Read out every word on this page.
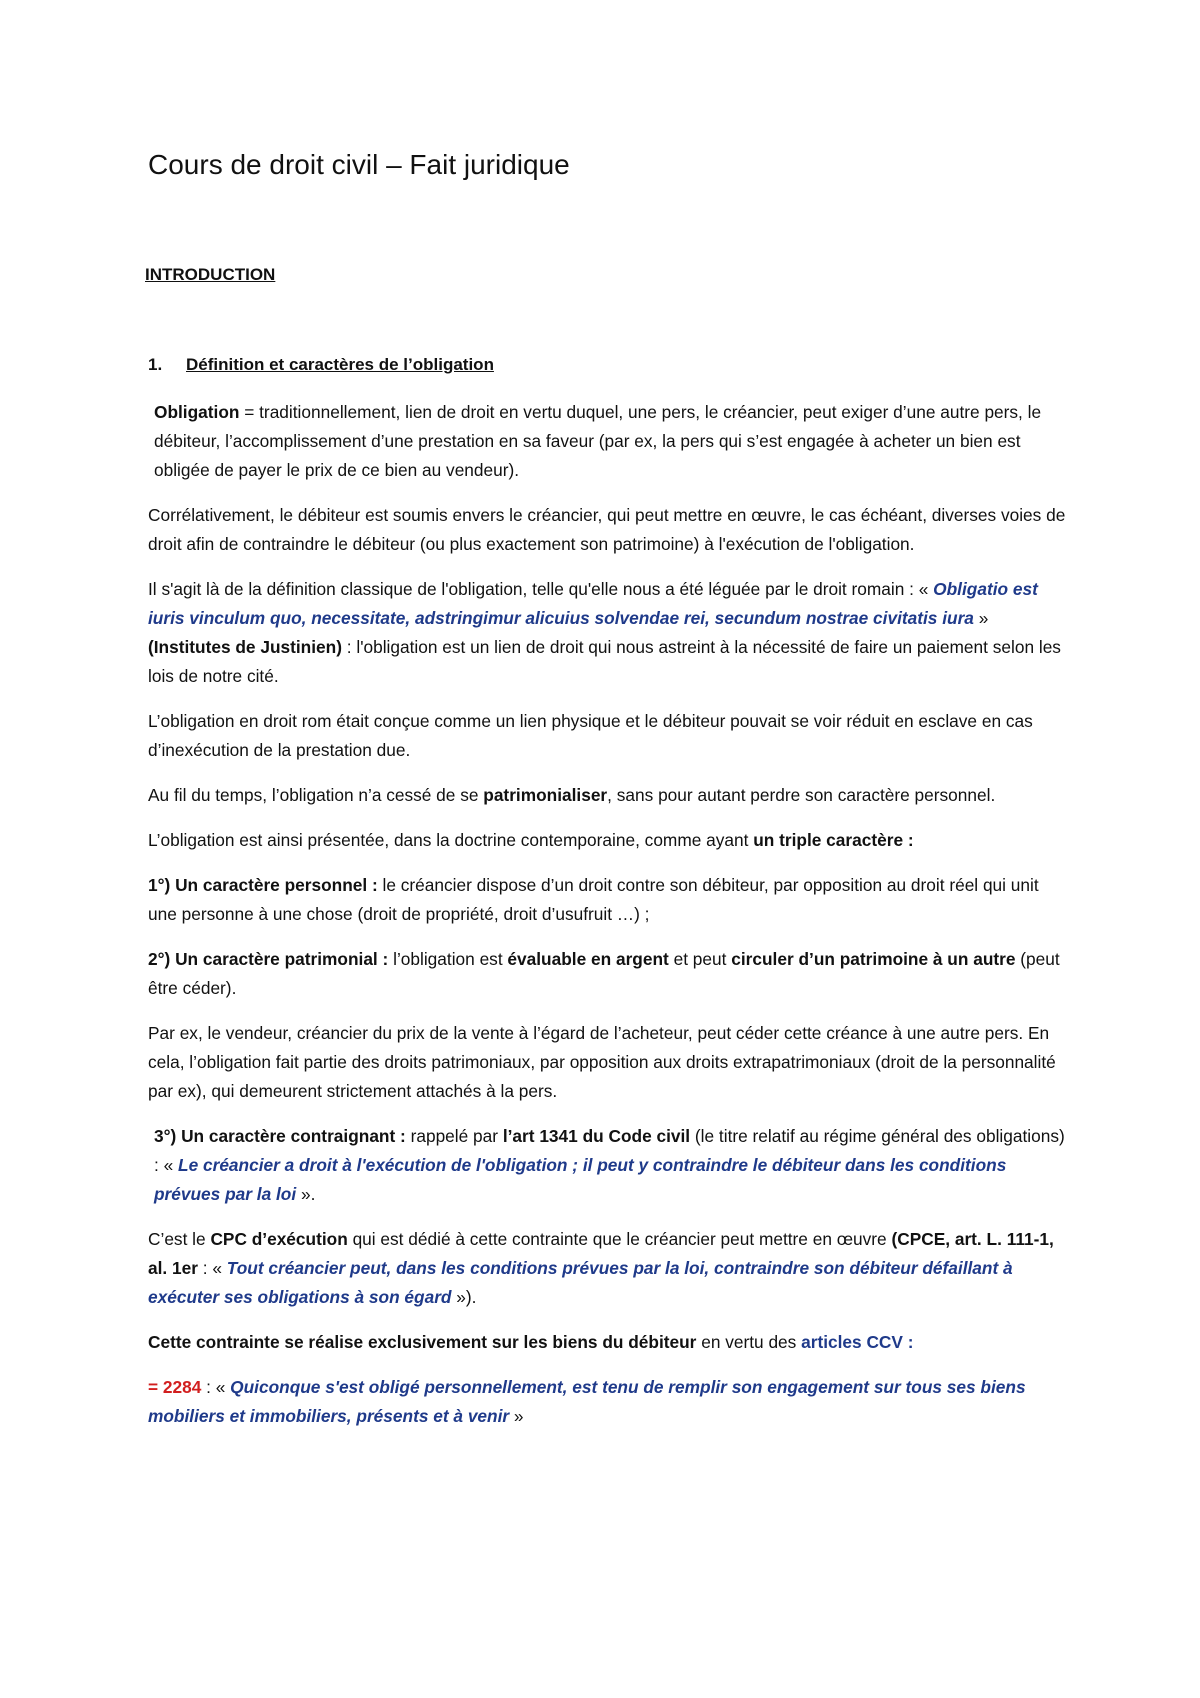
Cours de droit civil – Fait juridique
INTRODUCTION
1. Définition et caractères de l’obligation

Obligation = traditionnellement, lien de droit en vertu duquel, une pers, le créancier, peut exiger d’une autre pers, le débiteur, l’accomplissement d’une prestation en sa faveur (par ex, la pers qui s’est engagée à acheter un bien est obligée de payer le prix de ce bien au vendeur).

Corrélativement, le débiteur est soumis envers le créancier, qui peut mettre en œuvre, le cas échéant, diverses voies de droit afin de contraindre le débiteur (ou plus exactement son patrimoine) à l'exécution de l'obligation.

Il s'agit là de la définition classique de l'obligation, telle qu'elle nous a été léguée par le droit romain : « Obligatio est iuris vinculum quo, necessitate, adstringimur alicuius solvendae rei, secundum nostrae civitatis iura » (Institutes de Justinien) : l'obligation est un lien de droit qui nous astreint à la nécessité de faire un paiement selon les lois de notre cité.

L’obligation en droit rom était conçue comme un lien physique et le débiteur pouvait se voir réduit en esclave en cas d’inexécution de la prestation due.

Au fil du temps, l’obligation n’a cessé de se patrimonialiser, sans pour autant perdre son caractère personnel.

L’obligation est ainsi présentée, dans la doctrine contemporaine, comme ayant un triple caractère :

1°) Un caractère personnel : le créancier dispose d’un droit contre son débiteur, par opposition au droit réel qui unit une personne à une chose (droit de propriété, droit d’usufruit …) ;

2°) Un caractère patrimonial : l’obligation est évaluable en argent et peut circuler d’un patrimoine à un autre (peut être céder).

Par ex, le vendeur, créancier du prix de la vente à l’égard de l’acheteur, peut céder cette créance à une autre pers. En cela, l’obligation fait partie des droits patrimoniaux, par opposition aux droits extrapatrimoniaux (droit de la personnalité par ex), qui demeurent strictement attachés à la pers.

3°) Un caractère contraignant : rappelé par l’art 1341 du Code civil (le titre relatif au régime général des obligations) : « Le créancier a droit à l'exécution de l'obligation ; il peut y contraindre le débiteur dans les conditions prévues par la loi ».

C’est le CPC d’exécution qui est dédié à cette contrainte que le créancier peut mettre en œuvre (CPCE, art. L. 111-1, al. 1er : « Tout créancier peut, dans les conditions prévues par la loi, contraindre son débiteur défaillant à exécuter ses obligations à son égard »).

Cette contrainte se réalise exclusivement sur les biens du débiteur en vertu des articles CCV :

= 2284 : « Quiconque s'est obligé personnellement, est tenu de remplir son engagement sur tous ses biens mobiliers et immobiliers, présents et à venir »
